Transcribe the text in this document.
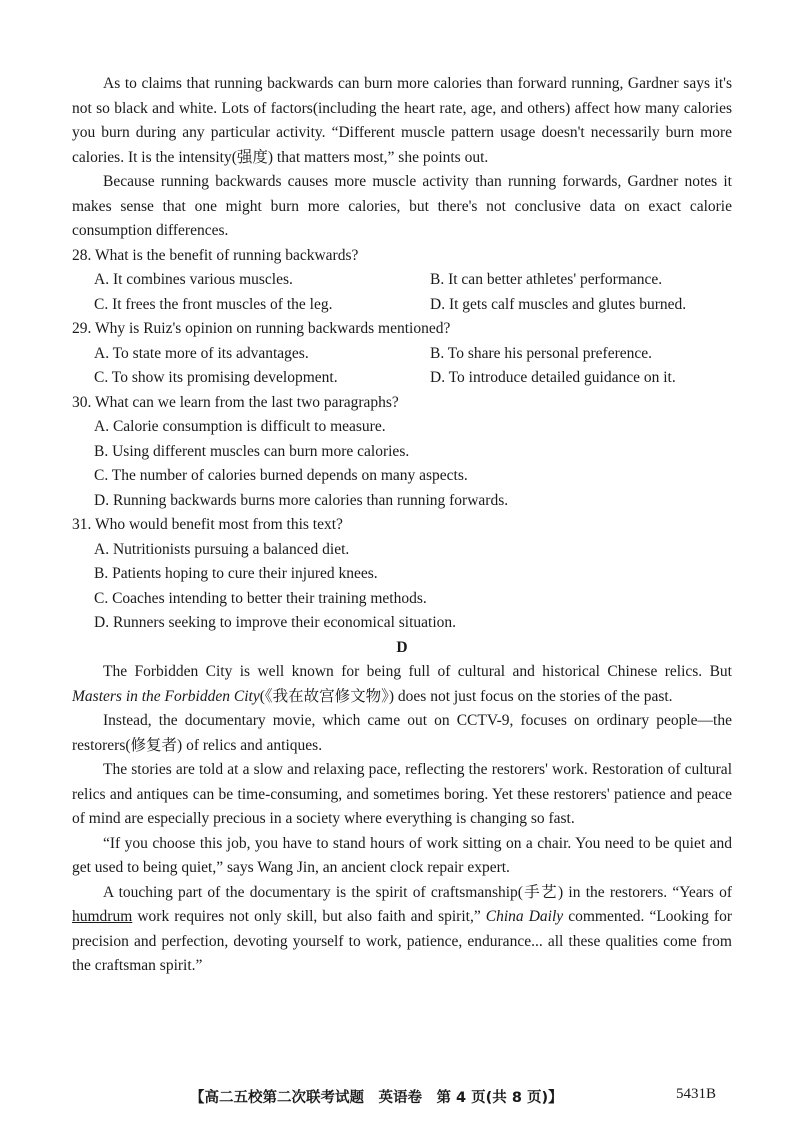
As to claims that running backwards can burn more calories than forward running, Gardner says it's not so black and white. Lots of factors(including the heart rate, age, and others) affect how many calories you burn during any particular activity. “Different muscle pattern usage doesn't necessarily burn more calories. It is the intensity(强度) that matters most,” she points out.

Because running backwards causes more muscle activity than running forwards, Gardner notes it makes sense that one might burn more calories, but there's not conclusive data on exact calorie consumption differences.

28. What is the benefit of running backwards?
A. It combines various muscles.	B. It can better athletes' performance.
C. It frees the front muscles of the leg.	D. It gets calf muscles and glutes burned.
29. Why is Ruiz's opinion on running backwards mentioned?
A. To state more of its advantages.	B. To share his personal preference.
C. To show its promising development.	D. To introduce detailed guidance on it.
30. What can we learn from the last two paragraphs?
A. Calorie consumption is difficult to measure.
B. Using different muscles can burn more calories.
C. The number of calories burned depends on many aspects.
D. Running backwards burns more calories than running forwards.
31. Who would benefit most from this text?
A. Nutritionists pursuing a balanced diet.
B. Patients hoping to cure their injured knees.
C. Coaches intending to better their training methods.
D. Runners seeking to improve their economical situation.
D

The Forbidden City is well known for being full of cultural and historical Chinese relics. But Masters in the Forbidden City(《我在故宫修文物》) does not just focus on the stories of the past.

Instead, the documentary movie, which came out on CCTV-9, focuses on ordinary people—the restorers(修复者) of relics and antiques.

The stories are told at a slow and relaxing pace, reflecting the restorers' work. Restoration of cultural relics and antiques can be time-consuming, and sometimes boring. Yet these restorers' patience and peace of mind are especially precious in a society where everything is changing so fast.

“If you choose this job, you have to stand hours of work sitting on a chair. You need to be quiet and get used to being quiet,” says Wang Jin, an ancient clock repair expert.

A touching part of the documentary is the spirit of craftsmanship(手艺) in the restorers. “Years of humdrum work requires not only skill, but also faith and spirit,” China Daily commented. “Looking for precision and perfection, devoting yourself to work, patience, endurance... all these qualities come from the craftsman spirit.”

【高二五校第二次联考试题　英语卷　第 4 页(共 8 页)】	5431B
